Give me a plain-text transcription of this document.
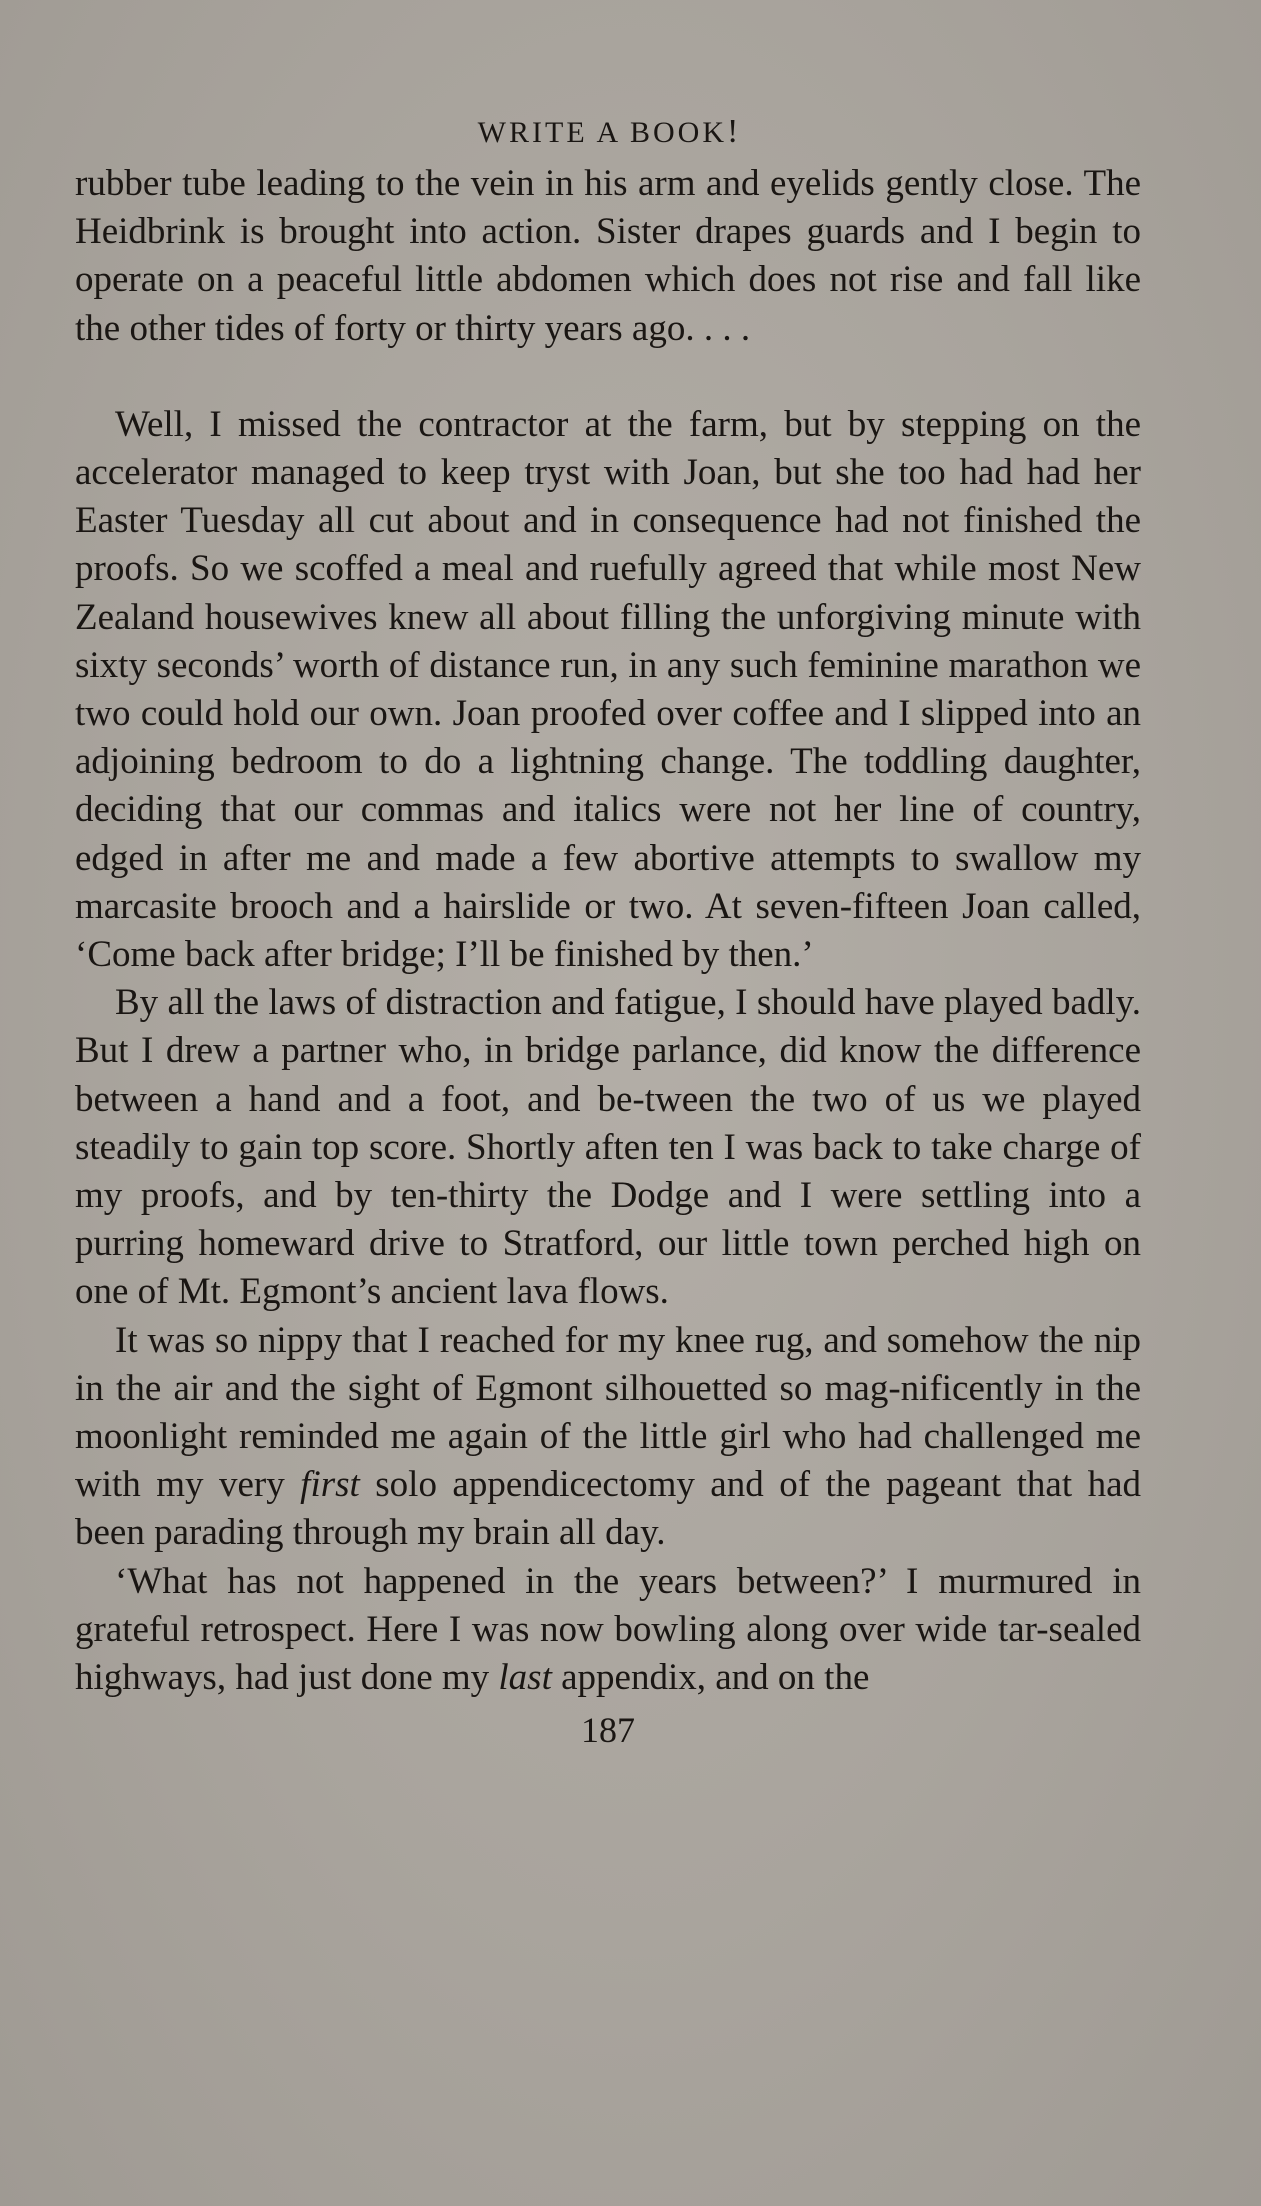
WRITE A BOOK!

rubber tube leading to the vein in his arm and eyelids gently close. The Heidbrink is brought into action. Sister drapes guards and I begin to operate on a peaceful little abdomen which does not rise and fall like the other tides of forty or thirty years ago. . . .

Well, I missed the contractor at the farm, but by stepping on the accelerator managed to keep tryst with Joan, but she too had had her Easter Tuesday all cut about and in consequence had not finished the proofs. So we scoffed a meal and ruefully agreed that while most New Zealand housewives knew all about filling the unforgiving minute with sixty seconds’ worth of distance run, in any such feminine marathon we two could hold our own. Joan proofed over coffee and I slipped into an adjoining bedroom to do a lightning change. The toddling daughter, deciding that our commas and italics were not her line of country, edged in after me and made a few abortive attempts to swallow my marcasite brooch and a hairslide or two. At seven-fifteen Joan called, ‘Come back after bridge; I’ll be finished by then.’

By all the laws of distraction and fatigue, I should have played badly. But I drew a partner who, in bridge parlance, did know the difference between a hand and a foot, and be-tween the two of us we played steadily to gain top score. Shortly aften ten I was back to take charge of my proofs, and by ten-thirty the Dodge and I were settling into a purring homeward drive to Stratford, our little town perched high on one of Mt. Egmont’s ancient lava flows.

It was so nippy that I reached for my knee rug, and somehow the nip in the air and the sight of Egmont silhouetted so mag-nificently in the moonlight reminded me again of the little girl who had challenged me with my very first solo appendicectomy and of the pageant that had been parading through my brain all day.

‘What has not happened in the years between?’ I murmured in grateful retrospect. Here I was now bowling along over wide tar-sealed highways, had just done my last appendix, and on the

187
